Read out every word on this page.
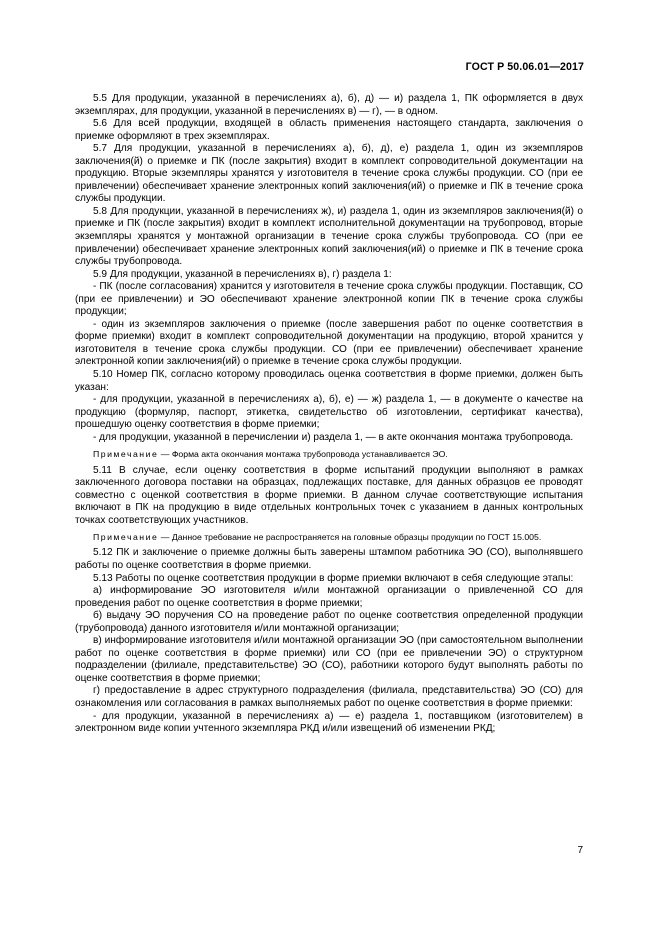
ГОСТ Р 50.06.01—2017

5.5 Для продукции, указанной в перечислениях а), б), д) — и) раздела 1, ПК оформляется в двух экземплярах, для продукции, указанной в перечислениях в) — г), — в одном.

5.6 Для всей продукции, входящей в область применения настоящего стандарта, заключения о приемке оформляют в трех экземплярах.

5.7 Для продукции, указанной в перечислениях а), б), д), е) раздела 1, один из экземпляров заключения(й) о приемке и ПК (после закрытия) входит в комплект сопроводительной документации на продукцию. Вторые экземпляры хранятся у изготовителя в течение срока службы продукции. СО (при ее привлечении) обеспечивает хранение электронных копий заключения(ий) о приемке и ПК в течение срока службы продукции.

5.8 Для продукции, указанной в перечислениях ж), и) раздела 1, один из экземпляров заключения(й) о приемке и ПК (после закрытия) входит в комплект исполнительной документации на трубопровод, вторые экземпляры хранятся у монтажной организации в течение срока службы трубопровода. СО (при ее привлечении) обеспечивает хранение электронных копий заключения(ий) о приемке и ПК в течение срока службы трубопровода.

5.9 Для продукции, указанной в перечислениях в), г) раздела 1:

- ПК (после согласования) хранится у изготовителя в течение срока службы продукции. Поставщик, СО (при ее привлечении) и ЭО обеспечивают хранение электронной копии ПК в течение срока службы продукции;

- один из экземпляров заключения о приемке (после завершения работ по оценке соответствия в форме приемки) входит в комплект сопроводительной документации на продукцию, второй хранится у изготовителя в течение срока службы продукции. СО (при ее привлечении) обеспечивает хранение электронной копии заключения(ий) о приемке в течение срока службы продукции.

5.10 Номер ПК, согласно которому проводилась оценка соответствия в форме приемки, должен быть указан:

- для продукции, указанной в перечислениях а), б), е) — ж) раздела 1, — в документе о качестве на продукцию (формуляр, паспорт, этикетка, свидетельство об изготовлении, сертификат качества), прошедшую оценку соответствия в форме приемки;

- для продукции, указанной в перечислении и) раздела 1, — в акте окончания монтажа трубопровода.

Примечание — Форма акта окончания монтажа трубопровода устанавливается ЭО.

5.11 В случае, если оценку соответствия в форме испытаний продукции выполняют в рамках заключенного договора поставки на образцах, подлежащих поставке, для данных образцов ее проводят совместно с оценкой соответствия в форме приемки. В данном случае соответствующие испытания включают в ПК на продукцию в виде отдельных контрольных точек с указанием в данных контрольных точках соответствующих участников.

Примечание — Данное требование не распространяется на головные образцы продукции по ГОСТ 15.005.

5.12 ПК и заключение о приемке должны быть заверены штампом работника ЭО (СО), выполнявшего работы по оценке соответствия в форме приемки.

5.13 Работы по оценке соответствия продукции в форме приемки включают в себя следующие этапы:

а) информирование ЭО изготовителя и/или монтажной организации о привлеченной СО для проведения работ по оценке соответствия в форме приемки;

б) выдачу ЭО поручения СО на проведение работ по оценке соответствия определенной продукции (трубопровода) данного изготовителя и/или монтажной организации;

в) информирование изготовителя и/или монтажной организации ЭО (при самостоятельном выполнении работ по оценке соответствия в форме приемки) или СО (при ее привлечении ЭО) о структурном подразделении (филиале, представительстве) ЭО (СО), работники которого будут выполнять работы по оценке соответствия в форме приемки;

г) предоставление в адрес структурного подразделения (филиала, представительства) ЭО (СО) для ознакомления или согласования в рамках выполняемых работ по оценке соответствия в форме приемки:

- для продукции, указанной в перечислениях а) — е) раздела 1, поставщиком (изготовителем) в электронном виде копии учтенного экземпляра РКД и/или извещений об изменении РКД;

7
